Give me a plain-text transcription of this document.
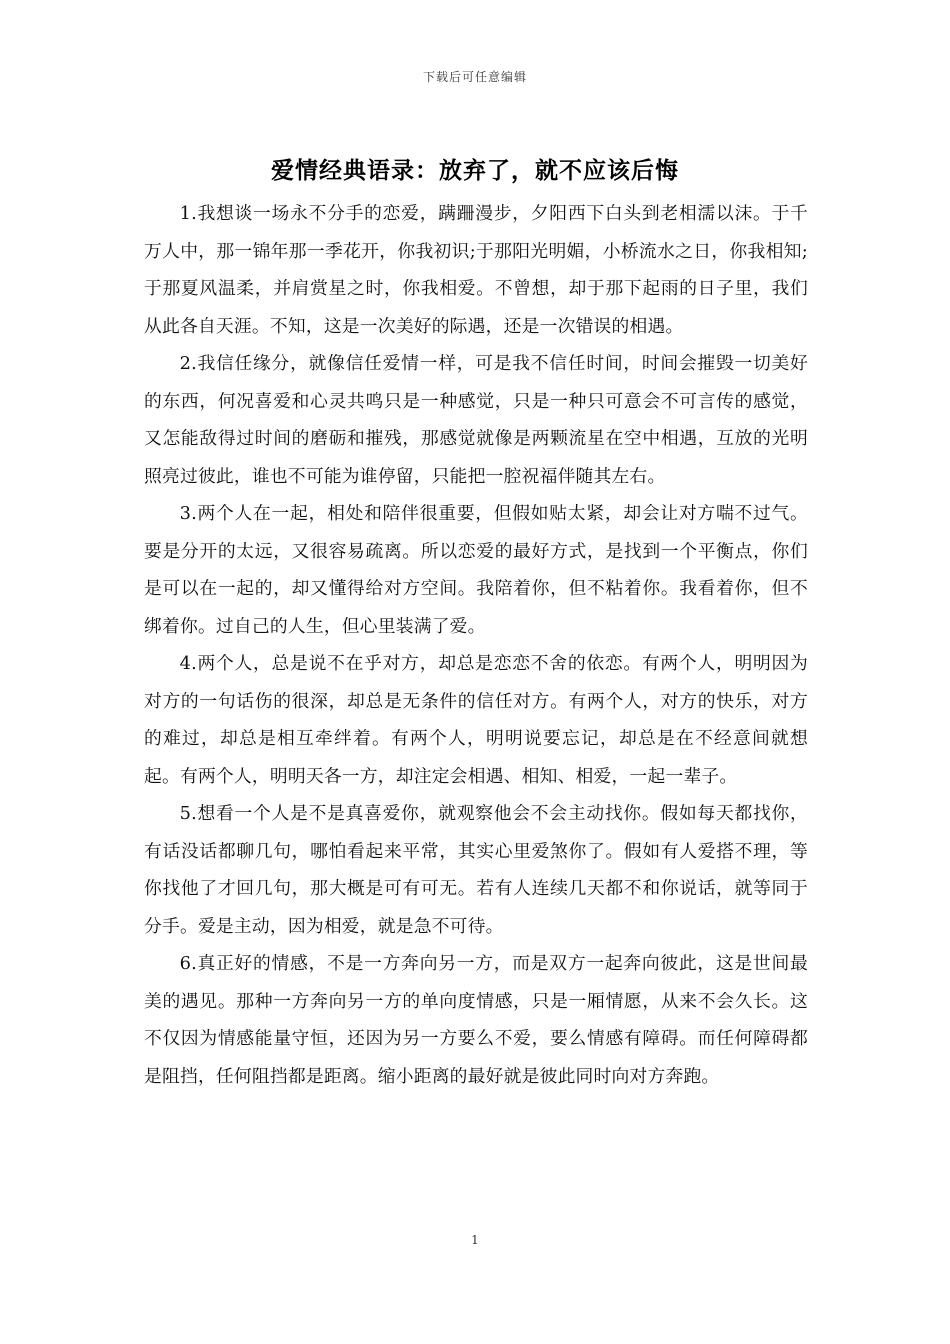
下载后可任意编辑
爱情经典语录：放弃了，就不应该后悔

1.我想谈一场永不分手的恋爱，蹒跚漫步，夕阳西下白头到老相濡以沫。于千万人中，那一锦年那一季花开，你我初识;于那阳光明媚，小桥流水之日，你我相知;于那夏风温柔，并肩赏星之时，你我相爱。不曾想，却于那下起雨的日子里，我们从此各自天涯。不知，这是一次美好的际遇，还是一次错误的相遇。

2.我信任缘分，就像信任爱情一样，可是我不信任时间，时间会摧毁一切美好的东西，何况喜爱和心灵共鸣只是一种感觉，只是一种只可意会不可言传的感觉，又怎能敌得过时间的磨砺和摧残，那感觉就像是两颗流星在空中相遇，互放的光明照亮过彼此，谁也不可能为谁停留，只能把一腔祝福伴随其左右。

3.两个人在一起，相处和陪伴很重要，但假如贴太紧，却会让对方喘不过气。要是分开的太远，又很容易疏离。所以恋爱的最好方式，是找到一个平衡点，你们是可以在一起的，却又懂得给对方空间。我陪着你，但不粘着你。我看着你，但不绑着你。过自己的人生，但心里装满了爱。

4.两个人，总是说不在乎对方，却总是恋恋不舍的依恋。有两个人，明明因为对方的一句话伤的很深，却总是无条件的信任对方。有两个人，对方的快乐，对方的难过，却总是相互牵绊着。有两个人，明明说要忘记，却总是在不经意间就想起。有两个人，明明天各一方，却注定会相遇、相知、相爱，一起一辈子。

5.想看一个人是不是真喜爱你，就观察他会不会主动找你。假如每天都找你，有话没话都聊几句，哪怕看起来平常，其实心里爱煞你了。假如有人爱搭不理，等你找他了才回几句，那大概是可有可无。若有人连续几天都不和你说话，就等同于分手。爱是主动，因为相爱，就是急不可待。

6.真正好的情感，不是一方奔向另一方，而是双方一起奔向彼此，这是世间最美的遇见。那种一方奔向另一方的单向度情感，只是一厢情愿，从来不会久长。这不仅因为情感能量守恒，还因为另一方要么不爱，要么情感有障碍。而任何障碍都是阻挡，任何阻挡都是距离。缩小距离的最好就是彼此同时向对方奔跑。

1
